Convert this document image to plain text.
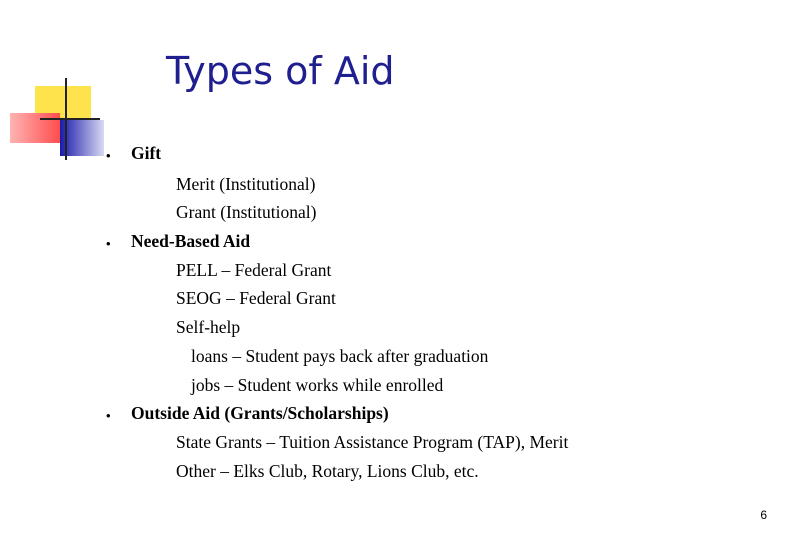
Types of Aid
• Gift
Merit (Institutional)
Grant (Institutional)
• Need-Based Aid
PELL – Federal Grant
SEOG – Federal Grant
Self-help
loans – Student pays back after graduation
jobs – Student works while enrolled
• Outside Aid (Grants/Scholarships)
State Grants – Tuition Assistance Program (TAP), Merit
Other – Elks Club, Rotary, Lions Club, etc.
6
